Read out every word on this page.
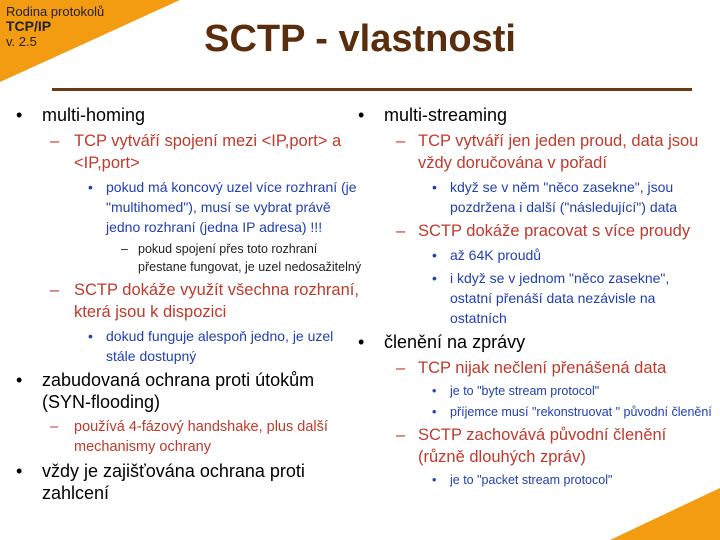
Rodina protokolů
TCP/IP
v. 2.5	SCTP - vlastnosti
• multi-homing
– TCP vytváří spojení mezi <IP,port> a <IP,port>
• pokud má koncový uzel více rozhraní (je "multihomed"), musí se vybrat právě jedno rozhraní (jedna IP adresa) !!!
– pokud spojení přes toto rozhraní přestane fungovat, je uzel nedosažitelný
– SCTP dokáže využít všechna rozhraní, která jsou k dispozici
• dokud funguje alespoň jedno, je uzel stále dostupný
• zabudovaná ochrana proti útokům (SYN-flooding)
– používá 4-fázový handshake, plus další mechanismy ochrany
• vždy je zajišťována ochrana proti zahlcení
• multi-streaming
– TCP vytváří jen jeden proud, data jsou vždy doručována v pořadí
• když se v něm "něco zasekne", jsou pozdržena i další ("následující") data
– SCTP dokáže pracovat s více proudy
• až 64K proudů
• i když se v jednom "něco zasekne", ostatní přenáší data nezávisle na ostatních
• členění na zprávy
– TCP nijak nečlení přenášená data
• je to "byte stream protocol"
• příjemce musí "rekonstruovat " původní členění
– SCTP zachovává původní členění (různě dlouhých zpráv)
• je to "packet stream protocol"
